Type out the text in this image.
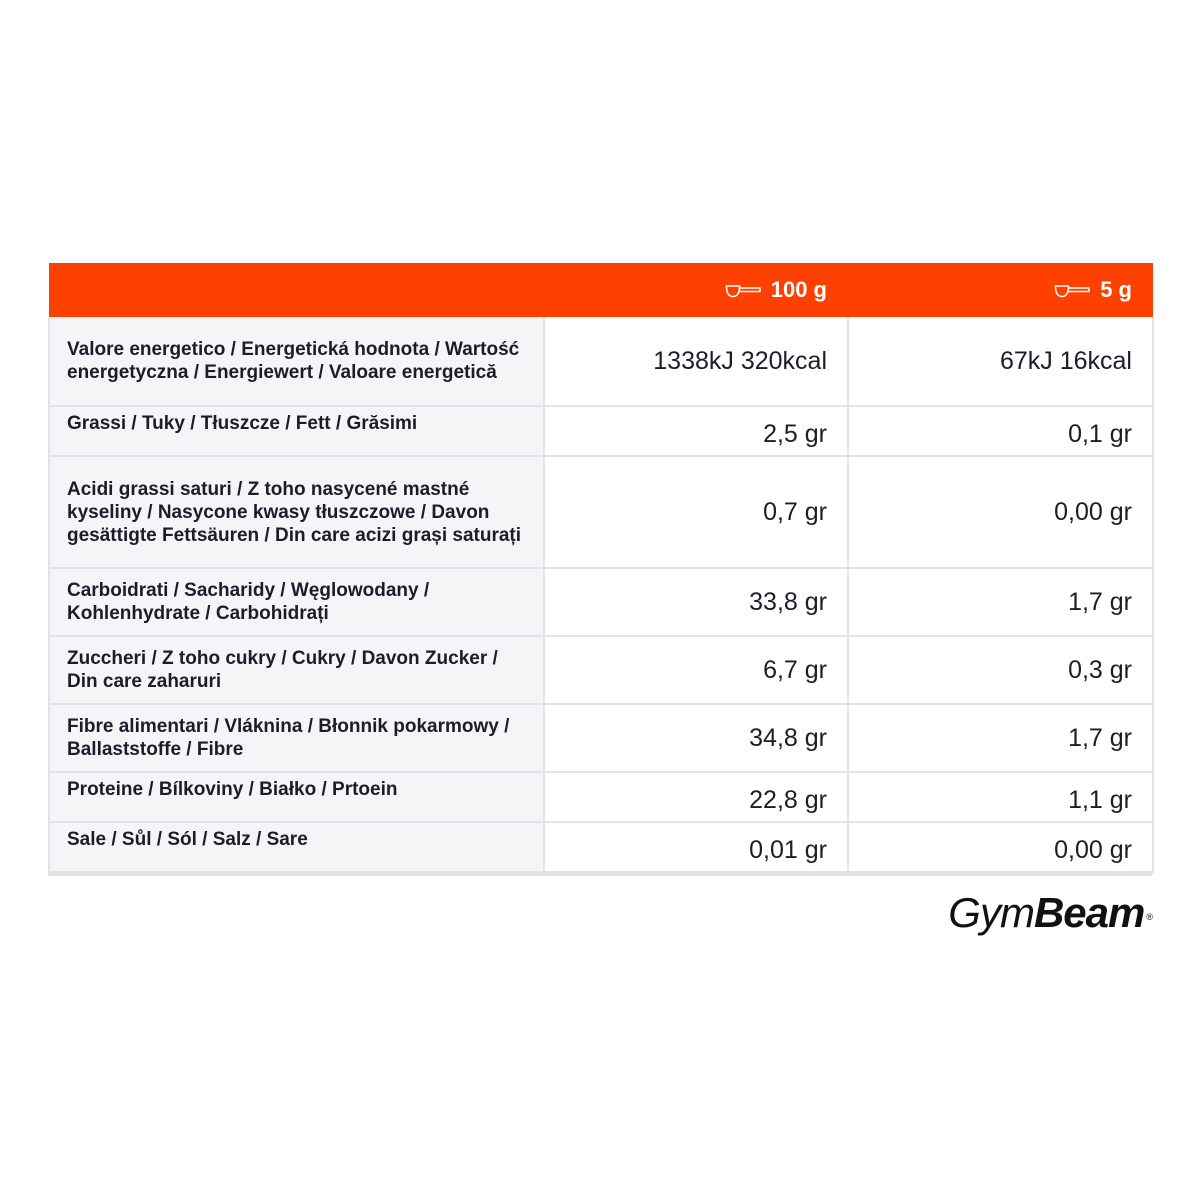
	100 g	5 g
Valore energetico / Energetická hodnota / Wartość energetyczna / Energiewert / Valoare energetică	1338kJ 320kcal	67kJ 16kcal
Grassi / Tuky / Tłuszcze / Fett / Grăsimi	2,5 gr	0,1 gr
Acidi grassi saturi / Z toho nasycené mastné kyseliny / Nasycone kwasy tłuszczowe / Davon gesättigte Fettsäuren / Din care acizi grași saturați	0,7 gr	0,00 gr
Carboidrati / Sacharidy / Węglowodany / Kohlenhydrate / Carbohidrați	33,8 gr	1,7 gr
Zuccheri / Z toho cukry / Cukry / Davon Zucker / Din care zaharuri	6,7 gr	0,3 gr
Fibre alimentari / Vláknina / Błonnik pokarmowy / Ballaststoffe / Fibre	34,8 gr	1,7 gr
Proteine / Bílkoviny / Białko / Prtoein	22,8 gr	1,1 gr
Sale / Sůl / Sól / Salz / Sare	0,01 gr	0,00 gr
GymBeam ®
